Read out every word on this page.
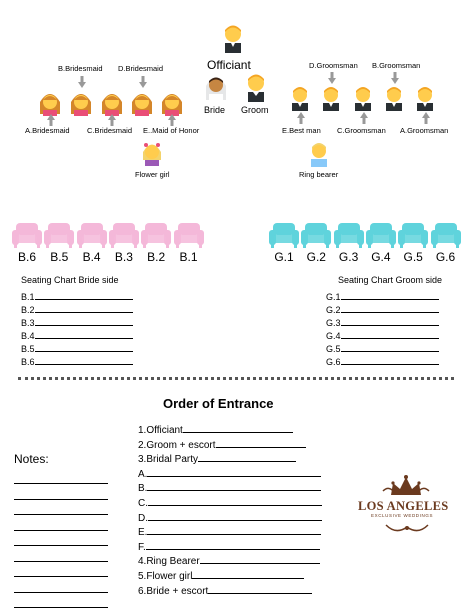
Officiant
Bride Groom
B.Bridesmaid D.Bridesmaid
A.Bridesmaid C.Bridesmaid E..Maid of Honor
Flower girl
D.Groomsman B.Groomsman
E.Best man C.Groomsman A.Groomsman
Ring bearer
B.6	B.5	B.4	B.3	B.2	B.1	G.1	G.2	G.3	G.4	G.5	G.6
Seating Chart Bride side
B.1
B.2
B.3
B.4
B.5
B.6
Seating Chart Groom side
G.1
G.2
G.3
G.4
G.5
G.6
Order of Entrance
1.Officiant
2.Groom + escort
3.Bridal Party
A.
B.
C.
D.
E.
F.
4.Ring Bearer
5.Flower girl
6.Bride + escort
Notes:
LOS ANGELES
EXCLUSIVE WEDDINGS
